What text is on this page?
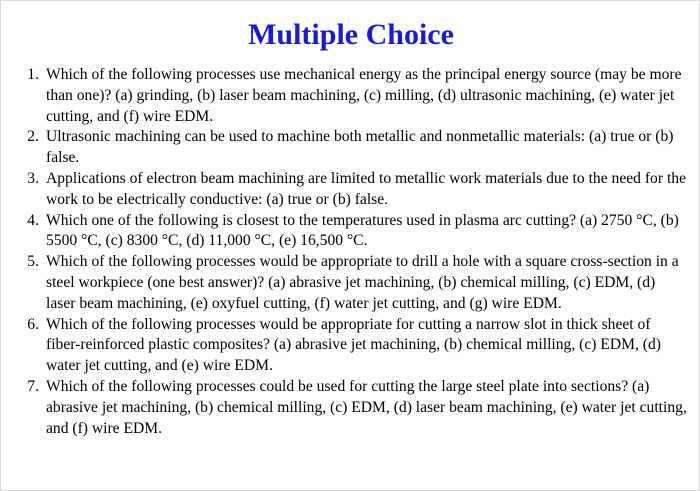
Multiple Choice
1. Which of the following processes use mechanical energy as the principal energy source (may be more than one)? (a) grinding, (b) laser beam machining, (c) milling, (d) ultrasonic machining, (e) water jet cutting, and (f) wire EDM.
2. Ultrasonic machining can be used to machine both metallic and nonmetallic materials: (a) true or (b) false.
3. Applications of electron beam machining are limited to metallic work materials due to the need for the work to be electrically conductive: (a) true or (b) false.
4. Which one of the following is closest to the temperatures used in plasma arc cutting? (a) 2750 °C, (b) 5500 °C, (c) 8300 °C, (d) 11,000 °C, (e) 16,500 °C.
5. Which of the following processes would be appropriate to drill a hole with a square cross-section in a steel workpiece (one best answer)? (a) abrasive jet machining, (b) chemical milling, (c) EDM, (d) laser beam machining, (e) oxyfuel cutting, (f) water jet cutting, and (g) wire EDM.
6. Which of the following processes would be appropriate for cutting a narrow slot in thick sheet of fiber-reinforced plastic composites? (a) abrasive jet machining, (b) chemical milling, (c) EDM, (d) water jet cutting, and (e) wire EDM.
7. Which of the following processes could be used for cutting the large steel plate into sections? (a) abrasive jet machining, (b) chemical milling, (c) EDM, (d) laser beam machining, (e) water jet cutting, and (f) wire EDM.
